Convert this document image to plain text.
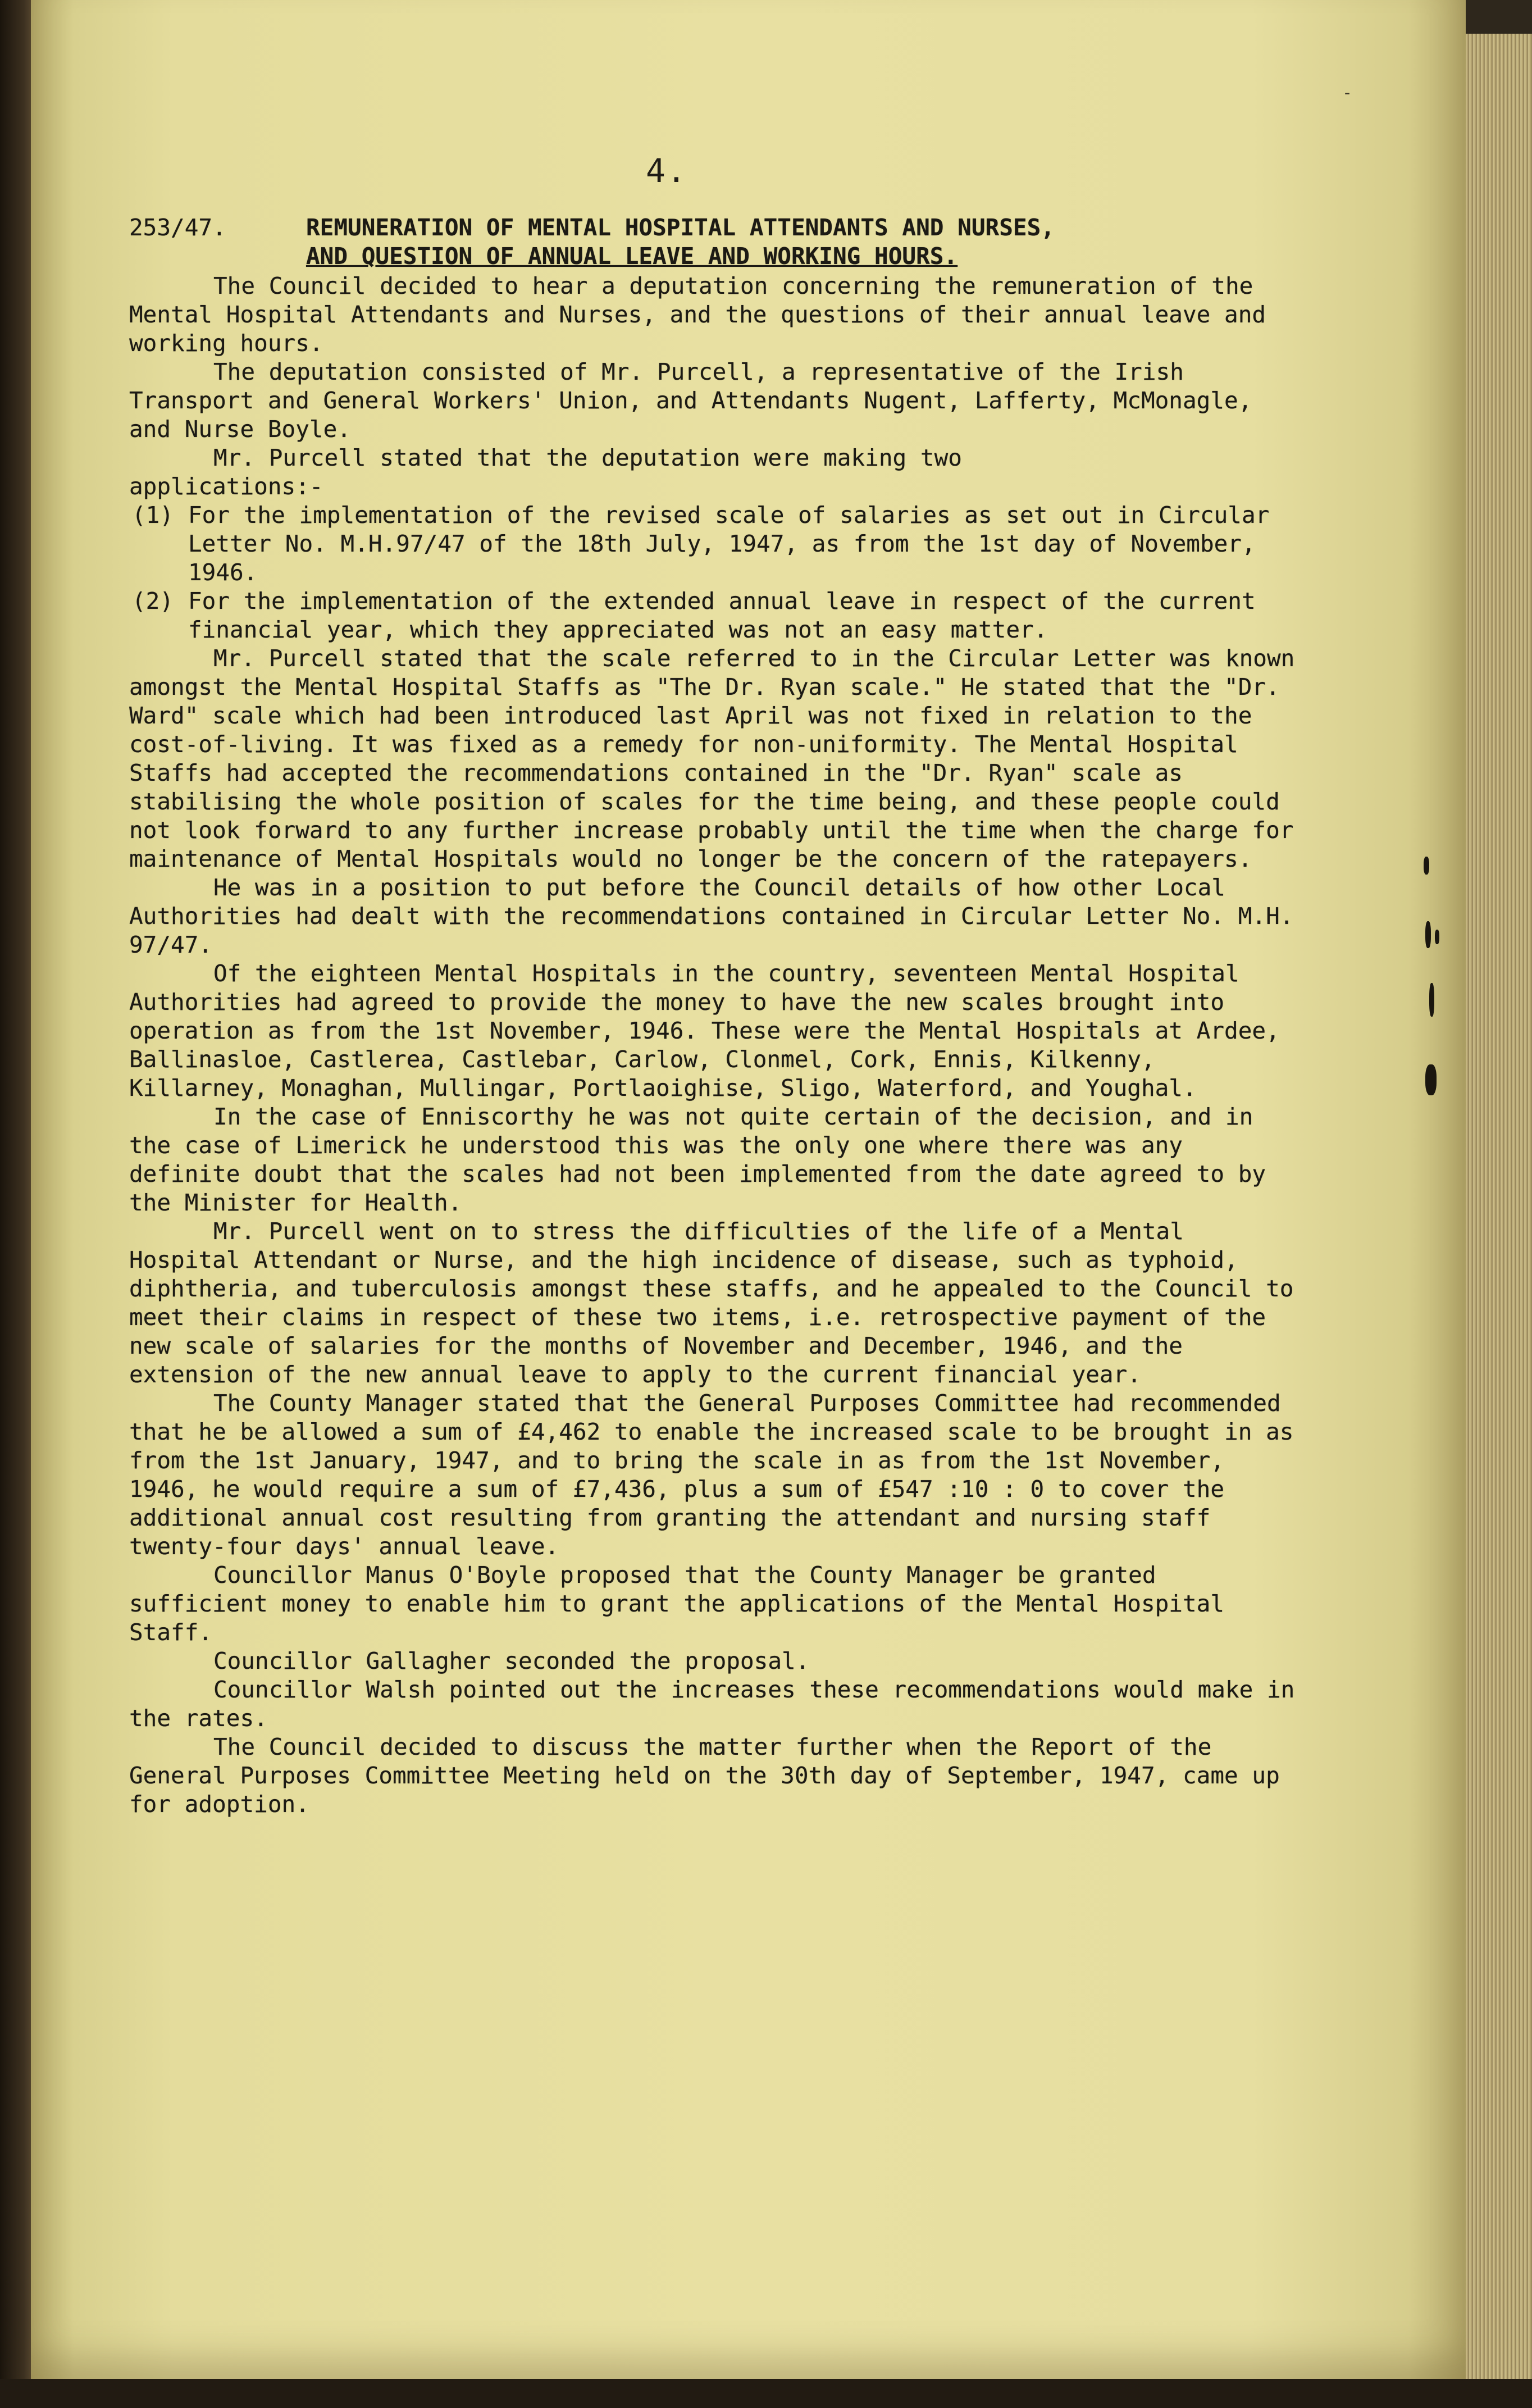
-
4.
253/47.	REMUNERATION OF MENTAL HOSPITAL ATTENDANTS AND NURSES,
AND QUESTION OF ANNUAL LEAVE AND WORKING HOURS.

The Council decided to hear a deputation concerning the remuneration of the Mental Hospital Attendants and Nurses, and the questions of their annual leave and working hours.

The deputation consisted of Mr. Purcell, a representative of the Irish Transport and General Workers' Union, and Attendants Nugent, Lafferty, McMonagle, and Nurse Boyle.

Mr. Purcell stated that the deputation were making two

applications:-

(1) For the implementation of the revised scale of salaries as set out in Circular Letter No. M.H.97/47 of the 18th July, 1947, as from the 1st day of November, 1946.
(2) For the implementation of the extended annual leave in respect of the current financial year, which they appreciated was not an easy matter.

Mr. Purcell stated that the scale referred to in the Circular Letter was known amongst the Mental Hospital Staffs as "The Dr. Ryan scale." He stated that the "Dr. Ward" scale which had been introduced last April was not fixed in relation to the cost-of-living. It was fixed as a remedy for non-uniformity. The Mental Hospital Staffs had accepted the recommendations contained in the "Dr. Ryan" scale as stabilising the whole position of scales for the time being, and these people could not look forward to any further increase probably until the time when the charge for maintenance of Mental Hospitals would no longer be the concern of the ratepayers.

He was in a position to put before the Council details of how other Local Authorities had dealt with the recommendations contained in Circular Letter No. M.H. 97/47.

Of the eighteen Mental Hospitals in the country, seventeen Mental Hospital Authorities had agreed to provide the money to have the new scales brought into operation as from the 1st November, 1946. These were the Mental Hospitals at Ardee, Ballinasloe, Castlerea, Castlebar, Carlow, Clonmel, Cork, Ennis, Kilkenny, Killarney, Monaghan, Mullingar, Portlaoighise, Sligo, Waterford, and Youghal.

In the case of Enniscorthy he was not quite certain of the decision, and in the case of Limerick he understood this was the only one where there was any definite doubt that the scales had not been implemented from the date agreed to by the Minister for Health.

Mr. Purcell went on to stress the difficulties of the life of a Mental Hospital Attendant or Nurse, and the high incidence of disease, such as typhoid, diphtheria, and tuberculosis amongst these staffs, and he appealed to the Council to meet their claims in respect of these two items, i.e. retrospective payment of the new scale of salaries for the months of November and December, 1946, and the extension of the new annual leave to apply to the current financial year.

The County Manager stated that the General Purposes Committee had recommended that he be allowed a sum of £4,462 to enable the increased scale to be brought in as from the 1st January, 1947, and to bring the scale in as from the 1st November, 1946, he would require a sum of £7,436, plus a sum of £547 :10 : 0 to cover the additional annual cost resulting from granting the attendant and nursing staff twenty-four days' annual leave.

Councillor Manus O'Boyle proposed that the County Manager be granted sufficient money to enable him to grant the applications of the Mental Hospital Staff.

Councillor Gallagher seconded the proposal.

Councillor Walsh pointed out the increases these recommendations would make in the rates.

The Council decided to discuss the matter further when the Report of the General Purposes Committee Meeting held on the 30th day of September, 1947, came up for adoption.
